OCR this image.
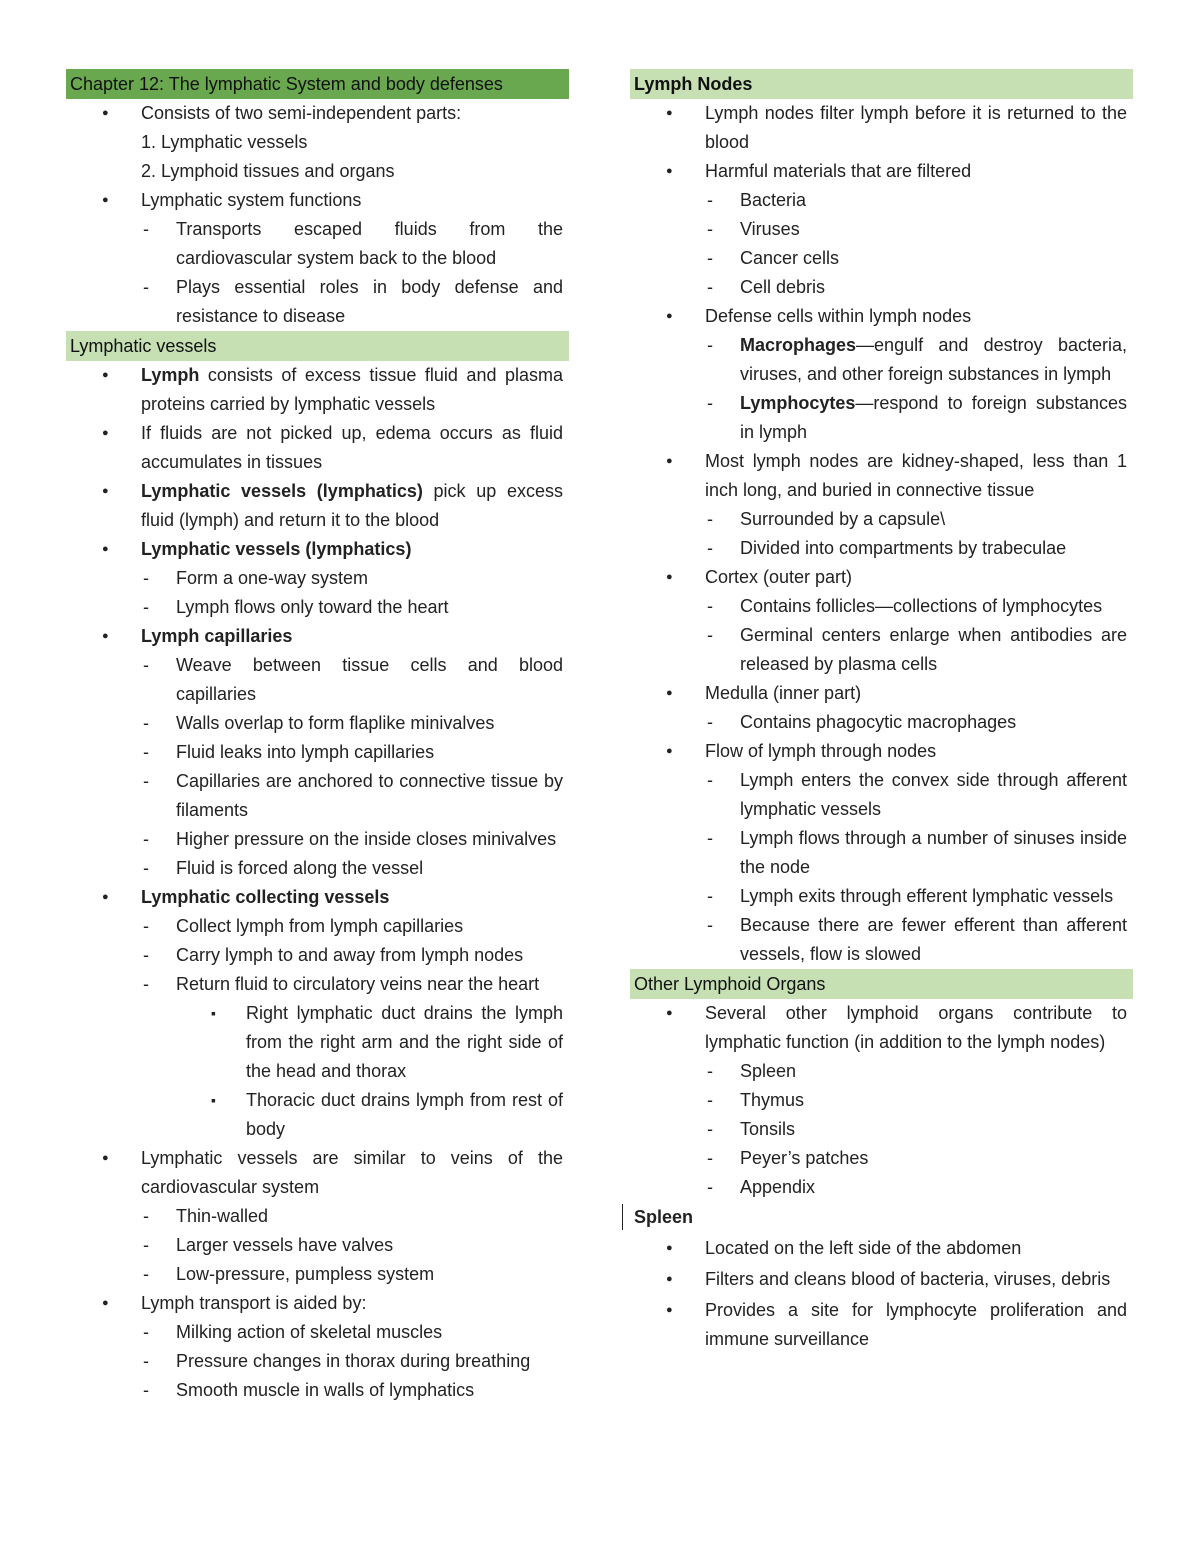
Chapter 12: The lymphatic System and body defenses
● Consists of two semi-independent parts:
1. Lymphatic vessels
2. Lymphoid tissues and organs
● Lymphatic system functions
- Transports escaped fluids from the cardiovascular system back to the blood
- Plays essential roles in body defense and resistance to disease
Lymphatic vessels
● Lymph consists of excess tissue fluid and plasma proteins carried by lymphatic vessels
● If fluids are not picked up, edema occurs as fluid accumulates in tissues
● Lymphatic vessels (lymphatics) pick up excess fluid (lymph) and return it to the blood
● Lymphatic vessels (lymphatics)
- Form a one-way system
- Lymph flows only toward the heart
● Lymph capillaries
- Weave between tissue cells and blood capillaries
- Walls overlap to form flaplike minivalves
- Fluid leaks into lymph capillaries
- Capillaries are anchored to connective tissue by filaments
- Higher pressure on the inside closes minivalves
- Fluid is forced along the vessel
● Lymphatic collecting vessels
- Collect lymph from lymph capillaries
- Carry lymph to and away from lymph nodes
- Return fluid to circulatory veins near the heart
▪ Right lymphatic duct drains the lymph from the right arm and the right side of the head and thorax
▪ Thoracic duct drains lymph from rest of body
● Lymphatic vessels are similar to veins of the cardiovascular system
- Thin-walled
- Larger vessels have valves
- Low-pressure, pumpless system
● Lymph transport is aided by:
- Milking action of skeletal muscles
- Pressure changes in thorax during breathing
- Smooth muscle in walls of lymphatics
Lymph Nodes
● Lymph nodes filter lymph before it is returned to the blood
● Harmful materials that are filtered
- Bacteria
- Viruses
- Cancer cells
- Cell debris
● Defense cells within lymph nodes
- Macrophages—engulf and destroy bacteria, viruses, and other foreign substances in lymph
- Lymphocytes—respond to foreign substances in lymph
● Most lymph nodes are kidney-shaped, less than 1 inch long, and buried in connective tissue
- Surrounded by a capsule\
- Divided into compartments by trabeculae
● Cortex (outer part)
- Contains follicles—collections of lymphocytes
- Germinal centers enlarge when antibodies are released by plasma cells
● Medulla (inner part)
- Contains phagocytic macrophages
● Flow of lymph through nodes
- Lymph enters the convex side through afferent lymphatic vessels
- Lymph flows through a number of sinuses inside the node
- Lymph exits through efferent lymphatic vessels
- Because there are fewer efferent than afferent vessels, flow is slowed
Other Lymphoid Organs
● Several other lymphoid organs contribute to lymphatic function (in addition to the lymph nodes)
- Spleen
- Thymus
- Tonsils
- Peyer’s patches
- Appendix
Spleen
● Located on the left side of the abdomen
● Filters and cleans blood of bacteria, viruses, debris
● Provides a site for lymphocyte proliferation and immune surveillance
